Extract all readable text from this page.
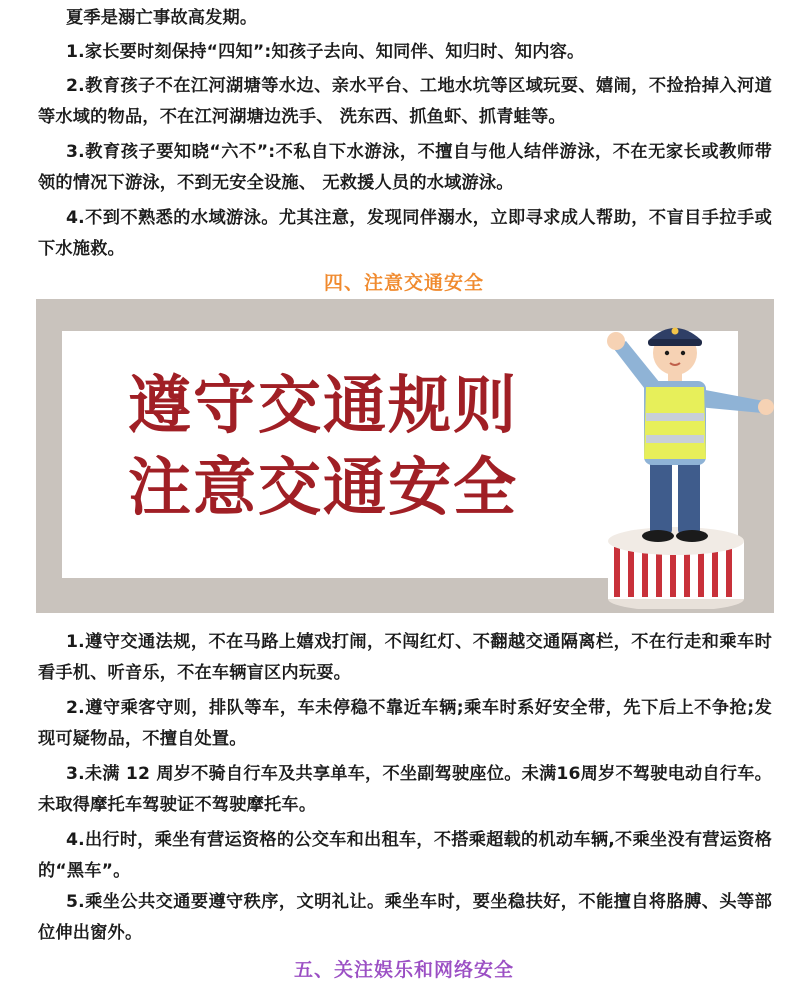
夏季是溺亡事故高发期。

1.家长要时刻保持“四知”:知孩子去向、知同伴、知归时、知内容。

2.教育孩子不在江河湖塘等水边、亲水平台、工地水坑等区域玩耍、嬉闹，不捡拾掉入河道等水域的物品，不在江河湖塘边洗手、 洗东西、抓鱼虾、抓青蛙等。

3.教育孩子要知晓“六不”:不私自下水游泳，不擅自与他人结伴游泳，不在无家长或教师带领的情况下游泳，不到无安全设施、 无救援人员的水域游泳。

4.不到不熟悉的水域游泳。尤其注意，发现同伴溺水，立即寻求成人帮助，不盲目手拉手或下水施救。

四、注意交通安全
遵守交通规则
注意交通安全

1.遵守交通法规，不在马路上嬉戏打闹，不闯红灯、不翻越交通隔离栏，不在行走和乘车时看手机、听音乐，不在车辆盲区内玩耍。

2.遵守乘客守则，排队等车，车未停稳不靠近车辆;乘车时系好安全带，先下后上不争抢;发现可疑物品，不擅自处置。

3.未满 12 周岁不骑自行车及共享单车，不坐副驾驶座位。未满16周岁不驾驶电动自行车。未取得摩托车驾驶证不驾驶摩托车。

4.出行时，乘坐有营运资格的公交车和出租车，不搭乘超载的机动车辆,不乘坐没有营运资格的“黑车”。

5.乘坐公共交通要遵守秩序，文明礼让。乘坐车时，要坐稳扶好，不能擅自将胳膊、头等部位伸出窗外。

五、关注娱乐和网络安全
